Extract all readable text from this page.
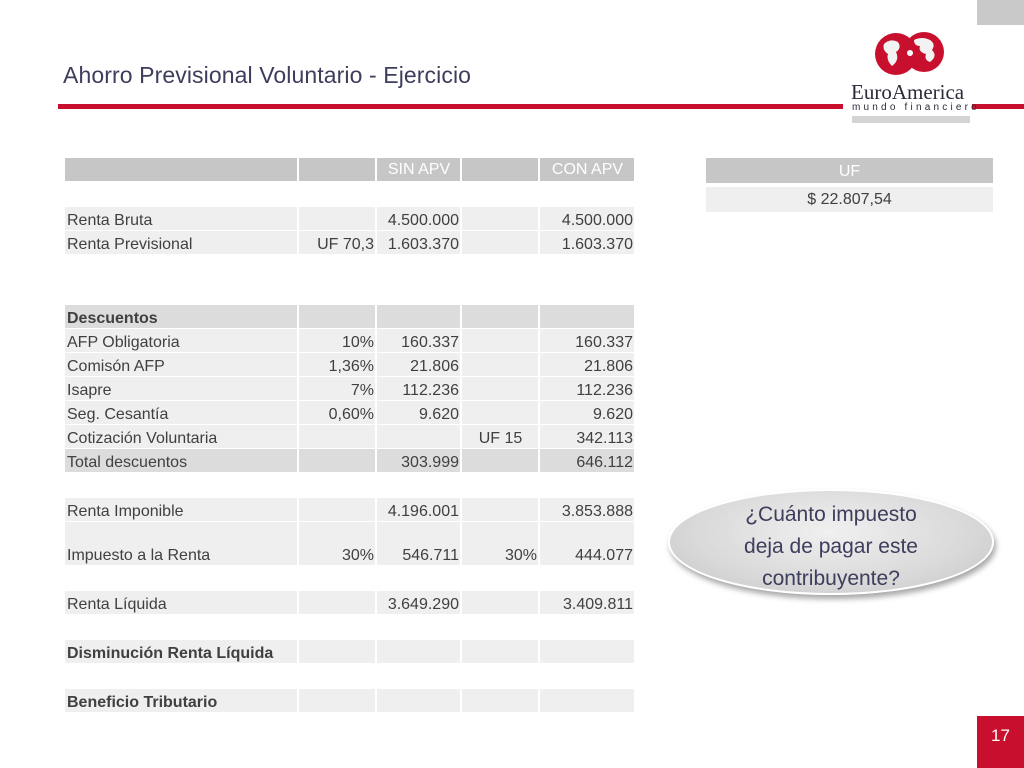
Ahorro Previsional Voluntario - Ejercicio
EuroAmerica
mundo financiero
		SIN APV		CON APV

Renta Bruta		4.500.000		4.500.000
Renta Previsional	UF 70,3	1.603.370		1.603.370

Descuentos				
AFP Obligatoria	10%	160.337		160.337
Comisón AFP	1,36%	21.806		21.806
Isapre	7%	112.236		112.236
Seg. Cesantía	0,60%	9.620		9.620
Cotización Voluntaria			UF 15	342.113
Total descuentos		303.999		646.112

Renta Imponible		4.196.001		3.853.888
Impuesto a la Renta	30%	546.711	30%	444.077

Renta Líquida		3.649.290		3.409.811

Disminución Renta Líquida				

Beneficio Tributario				
UF
$ 22.807,54
¿Cuánto impuesto
deja de pagar este
contribuyente?
17
